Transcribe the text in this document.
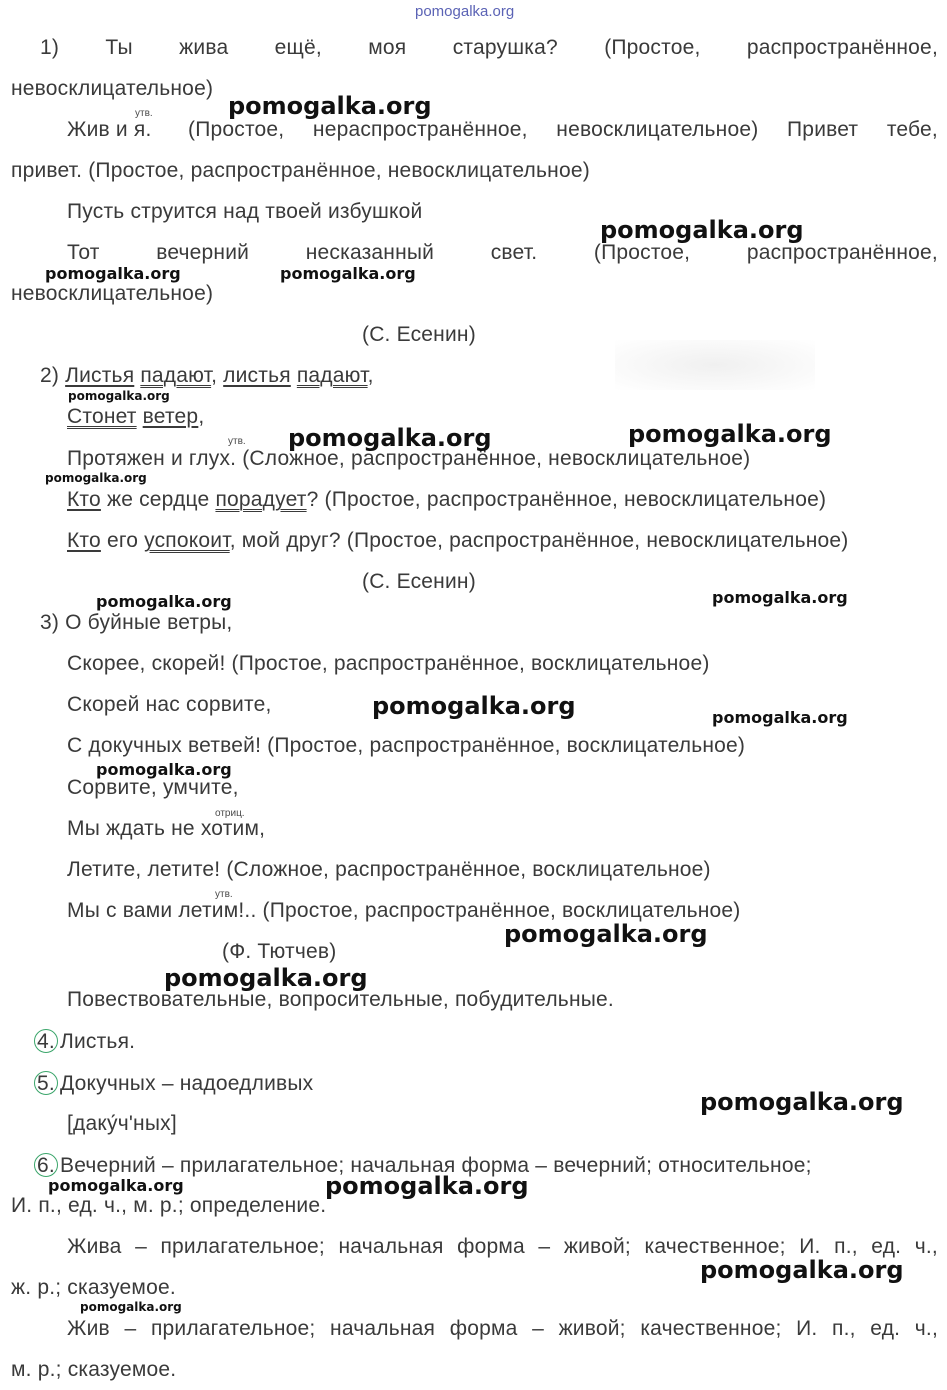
pomogalka.org
1) Ты жива ещё, моя старушка? (Простое, распространённое,
невосклицательное)
утв.
Жив и я. (Простое, нераспространённое, невосклицательное) Привет тебе,
привет. (Простое, распространённое, невосклицательное)
Пусть струится над твоей избушкой
Тот	вечерний	несказанный	свет.	(Простое,	распространённое,
невосклицательное)
(С. Есенин)
2) Листья падают, листья падают,
Стонет ветер,
утв.
Протяжен и глух. (Сложное, распространённое, невосклицательное)
Кто же сердце порадует? (Простое, распространённое, невосклицательное)
Кто его успокоит, мой друг? (Простое, распространённое, невосклицательное)
(С. Есенин)
3) О буйные ветры,
Скорее, скорей! (Простое, распространённое, восклицательное)
Скорей нас сорвите,
С докучных ветвей! (Простое, распространённое, восклицательное)
Сорвите, умчите,
отриц.
Мы ждать не хотим,
Летите, летите! (Сложное, распространённое, восклицательное)
утв.
Мы с вами летим!.. (Простое, распространённое, восклицательное)
(Ф. Тютчев)
Повествовательные, вопросительные, побудительные.
4. Листья.
5. Докучных – надоедливых
[даку́ч'ных]
6. Вечерний – прилагательное; начальная форма – вечерний; относительное;
И. п., ед. ч., м. р.; определение.
Жива – прилагательное; начальная форма – живой; качественное; И. п., ед. ч.,
ж. р.; сказуемое.
Жив – прилагательное; начальная форма – живой; качественное; И. п., ед. ч.,
м. р.; сказуемое.
pomogalka.org
pomogalka.org
pomogalka.org	pomogalka.org
pomogalka.org
pomogalka.org	pomogalka.org
pomogalka.org
pomogalka.org	pomogalka.org
pomogalka.org	pomogalka.org
pomogalka.org
pomogalka.org
pomogalka.org
pomogalka.org
pomogalka.org	pomogalka.org
pomogalka.org
pomogalka.org
